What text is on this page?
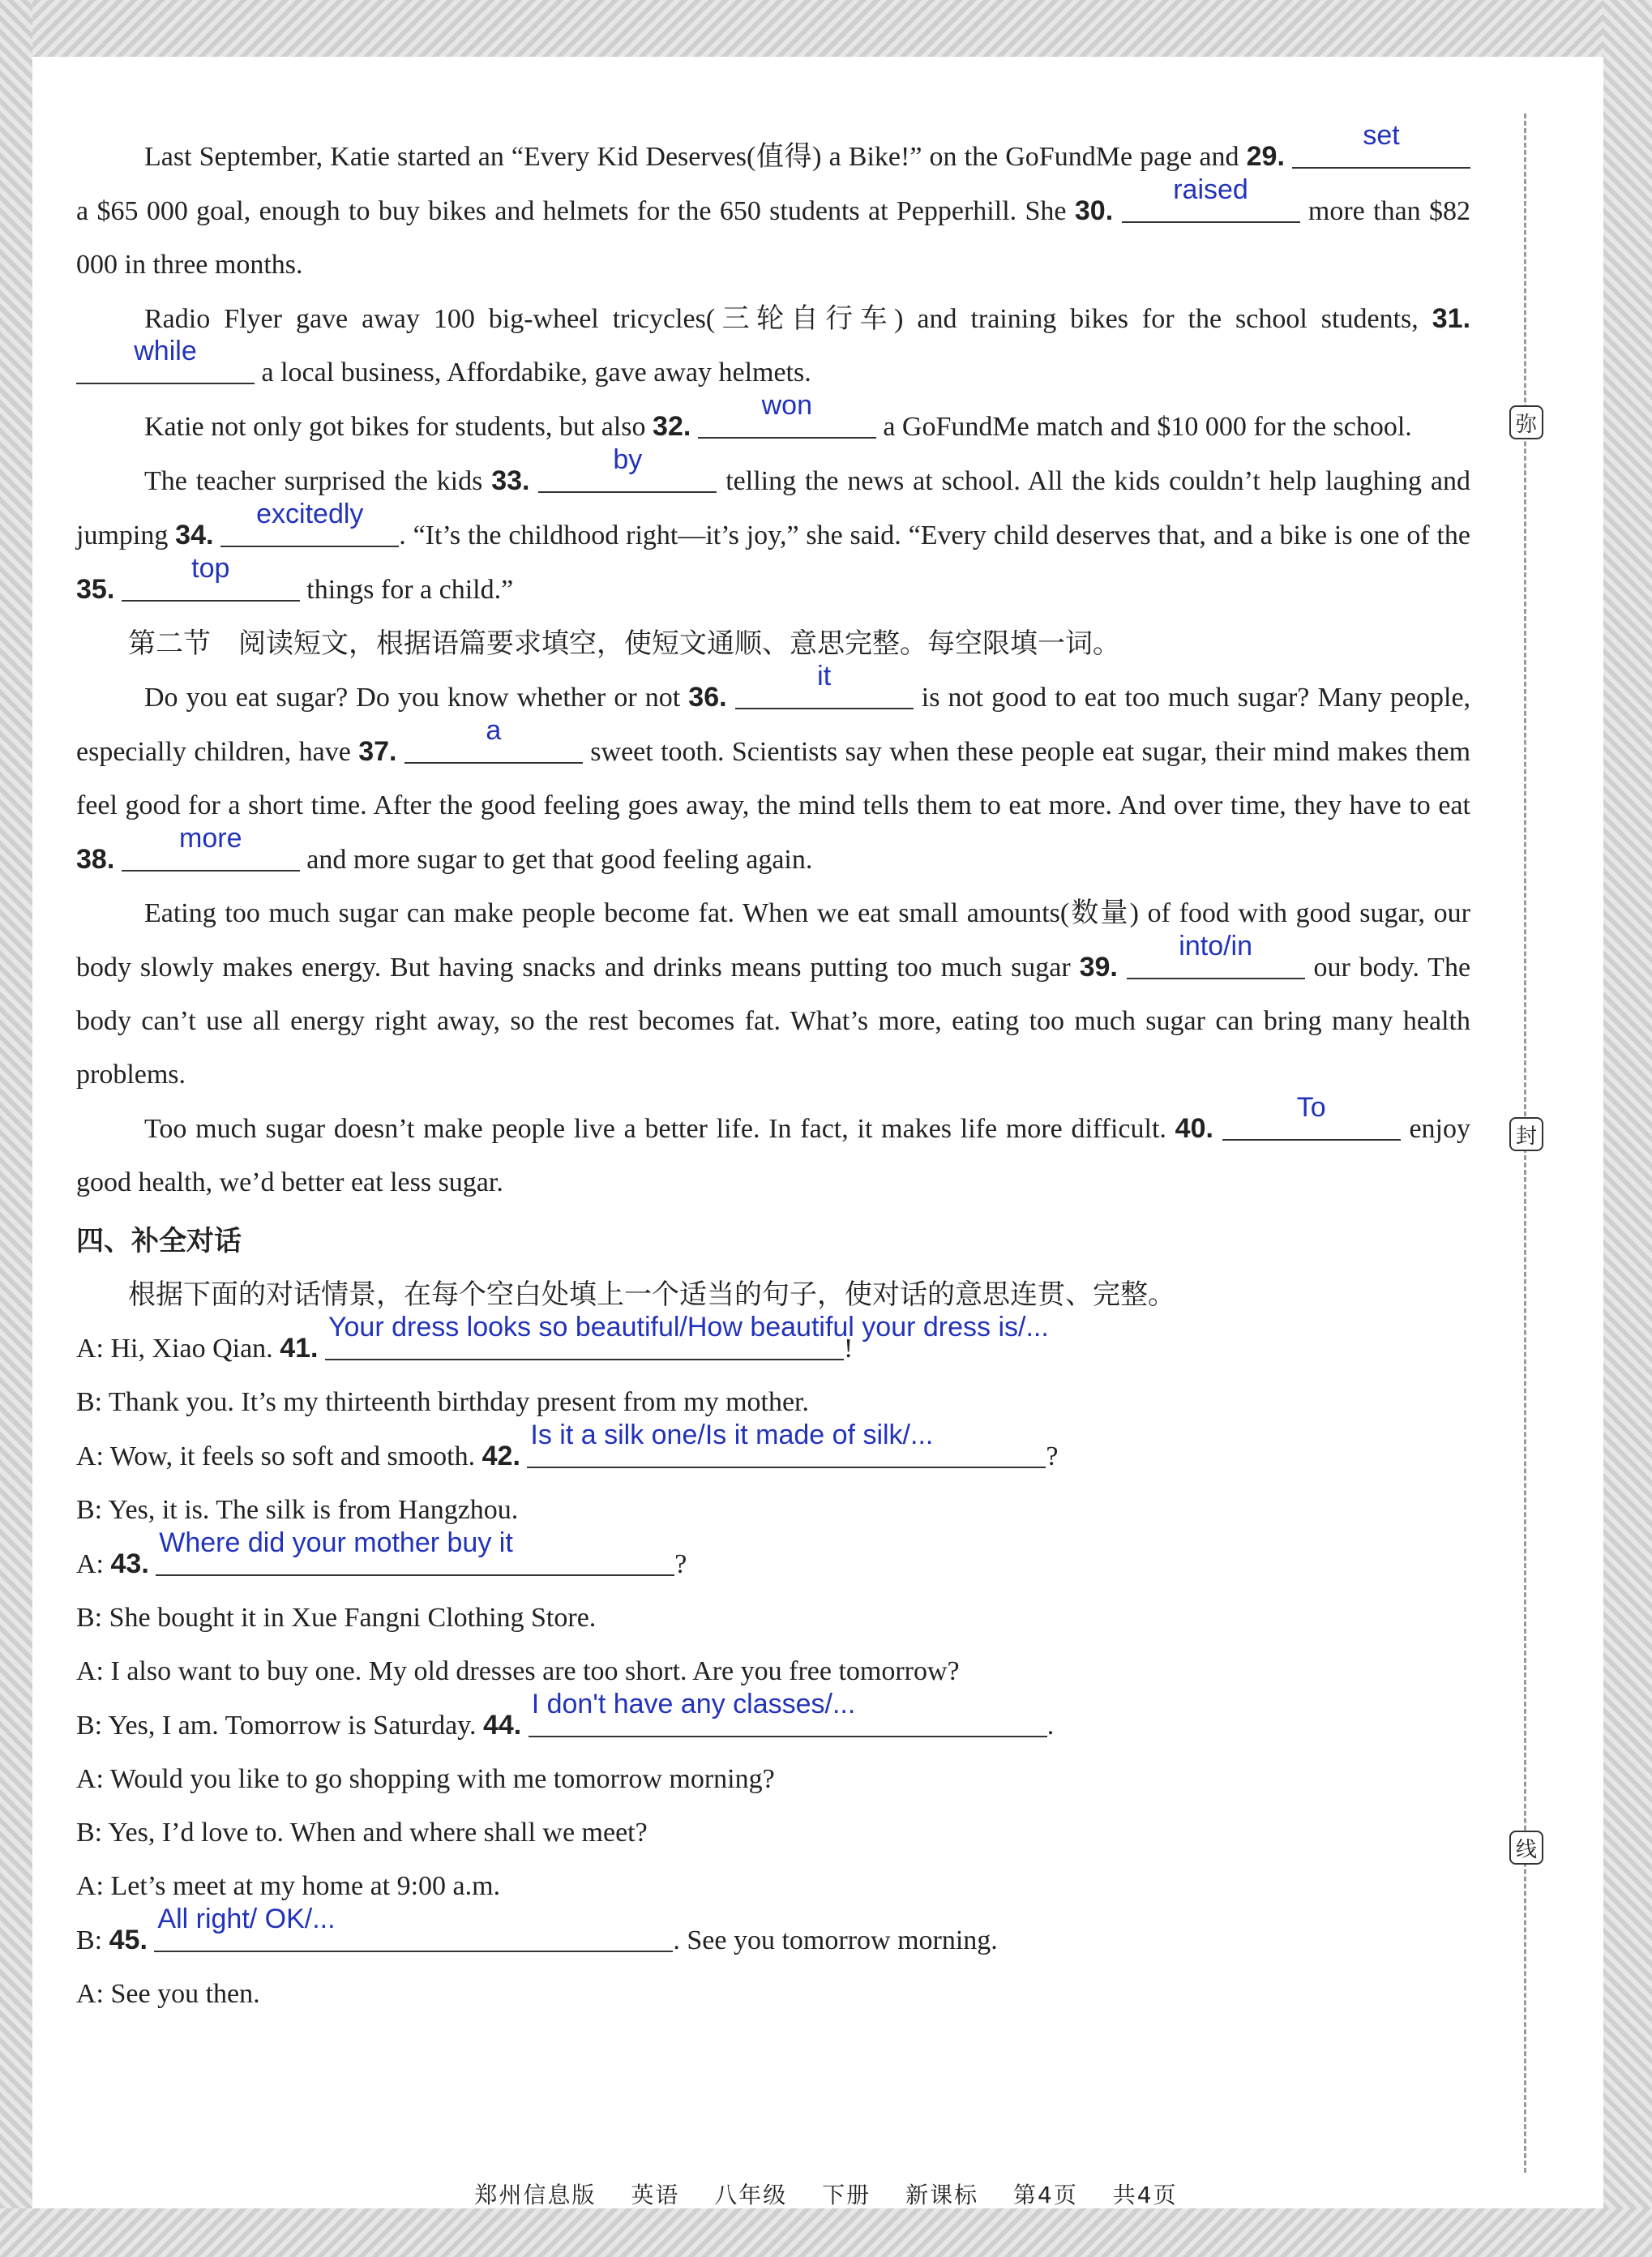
弥
封
线

Last September, Katie started an “Every Kid Deserves(值得) a Bike!” on the GoFundMe page and 29.
set
a $65 000 goal, enough to buy bikes and helmets for the 650 students at Pepperhill. She 30.
raised
more than $82 000 in three months.

Radio Flyer gave away 100 big-wheel tricycles(三轮自行车) and training bikes for the school students, 31.
while
a local business, Affordabike, gave away helmets.

Katie not only got bikes for students, but also 32.
won
a GoFundMe match and $10 000 for the school.

The teacher surprised the kids 33.
by
telling the news at school. All the kids couldn’t help laughing and jumping 34.
excitedly
. “It’s the childhood right—it’s joy,” she said. “Every child deserves that, and a bike is one of the 35.
top
things for a child.”

第二节　阅读短文，根据语篇要求填空，使短文通顺、意思完整。每空限填一词。

Do you eat sugar? Do you know whether or not 36.
it
is not good to eat too much sugar? Many people, especially children, have 37.
a
sweet tooth. Scientists say when these people eat sugar, their mind makes them feel good for a short time. After the good feeling goes away, the mind tells them to eat more. And over time, they have to eat 38.
more
and more sugar to get that good feeling again.

Eating too much sugar can make people become fat. When we eat small amounts(数量) of food with good sugar, our body slowly makes energy. But having snacks and drinks means putting too much sugar 39.
into/in
our body. The body can’t use all energy right away, so the rest becomes fat. What’s more, eating too much sugar can bring many health problems.

Too much sugar doesn’t make people live a better life. In fact, it makes life more difficult. 40.
To
enjoy good health, we’d better eat less sugar.

四、补全对话

根据下面的对话情景，在每个空白处填上一个适当的句子，使对话的意思连贯、完整。

A: Hi, Xiao Qian. 41.
Your dress looks so beautiful/How beautiful your dress is/...
!

B: Thank you. It’s my thirteenth birthday present from my mother.

A: Wow, it feels so soft and smooth. 42.
Is it a silk one/Is it made of silk/...
?

B: Yes, it is. The silk is from Hangzhou.

A: 43.
Where did your mother buy it
?

B: She bought it in Xue Fangni Clothing Store.

A: I also want to buy one. My old dresses are too short. Are you free tomorrow?

B: Yes, I am. Tomorrow is Saturday. 44.
I don't have any classes/...
.

A: Would you like to go shopping with me tomorrow morning?

B: Yes, I’d love to. When and where shall we meet?

A: Let’s meet at my home at 9:00 a.m.

B: 45.
All right/ OK/...
. See you tomorrow morning.

A: See you then.

郑州信息版 英语 八年级 下册 新课标 第4页 共4页
